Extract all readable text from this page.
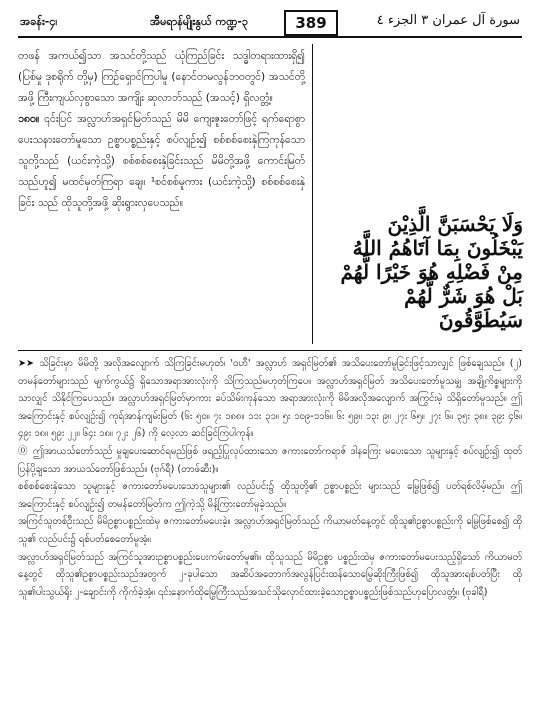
အခန်း-၄၊	အီမရာန်မျိုးနွယ် ကဏ္ဍ-၃	389	سورة آل عمران ٣ الجزء ٤

တဖန် အကယ်၍သာ အသင်တို့သည် ယုံကြည်ခြင်း သဒ္ဓါတရားထားရှိ၍ (ပြစ်မှု ဒုစရိုက် တို့မှ) ကြဉ်ရှောင်ကြပါမူ (နောင်တမလွန်ဘဝတွင်) အသင်တို့အဖို့ ကြီးကျယ်လှစွာသော အကျိုး ဆုလာဘ်သည် (အသင့်) ရှိလတ္တံ့။

၁၈၀။ ၎င်းပြင် အလ္လာဟ်အရှင်မြတ်သည် မိမိ ကျေးဇူးတော်ဖြင့် ရက်ရောစွာ ပေးသနားတော်မူသော ဥစ္စာပစ္စည်းနှင့် စပ်လျဉ်း၍ စစ်စစ်စေးနှဲကြကုန်သော သူတို့သည် (ယင်းကဲ့သို့) စစ်စစ်စေးနှဲခြင်းသည် မိမိတို့အဖို့ ကောင်းမြတ်သည်ဟူ၍ မထင်မှတ်ကြရာ ချေ။ ¹စင်စစ်မူကား (ယင်းကဲ့သို့) စစ်စစ်စေးနှဲခြင်း သည် ထိုသူတို့အဖို့ ဆိုးရွားလှပေသည်။

وَلَا يَحْسَبَنَّ الَّذِيْنَ

يَبْخَلُونَ بِمَا آتَاهُمُ اللَّهُ

مِنْ فَضْلِهِ هُوَ خَيْرًا لَّهُمْ

بَلْ هُوَ شَرٌّ لَّهُمْ سَيُطَوَّقُونَ

➤➤ သိခြင်းမှာ မိမိတို့ အလိုအလျောက် သိကြခြင်းမဟုတ်၊ 'ဝဟီ' အလ္လာဟ် အရှင်မြတ်၏ အသိပေးတော်မူခြင်းဖြင့်သာလျှင် ဖြစ်ချေသည်။ (၂) တမန်တော်များသည် မျက်ကွယ်၌ ရှိသောအရာအားလုံးကို သိကြသည်မဟုတ်ကြပေ။ အလ္လာဟ်အရှင်မြတ် အသိပေးတော်မူသမျှ အချို့ကိစ္စများကိုသာလျှင် သိနိုင်ကြပေသည်။ အလ္လာဟ်အရှင်မြတ်မှာကား ခပ်သိမ်းကုန်သော အရာအားလုံးကို မိမိအလိုအလျောက် အကြွင်းမဲ့ သိရှိတော်မူသည်။ ဤအကြောင်းနှင့် စပ်လျဉ်း၍ ကုရ်အာန်ကျမ်းမြတ် (၆း ၅၀။ ၇း ၁၈၈။ ၁၁း ၃၁။ ၅း ၁၀၉-၁၁၆။ ၆း ၅၉။ ၁၃း ၉။ ၂၇း ၆၅။ ၂၇း ၆။ ၃၅း ၃၈။ ၃၉း ၄၆။ ၄၉း ၁၈။ ၅၉း ၂၂။ ၆၄း ၁၈။ ၇၂း ၂၆) ကို လေ့လာ ဆင်ခြင်ကြပါကုန်။

⓪ ဤအာယသ်တော်သည် မှုချပေးဆောင်ရမည်ဖြစ် ဖရည့်ပြုလုပ်ထားသော ဇကားတော်ကရာဇ် ဒါနကြေး မပေးသော သူများနှင့် စပ်လျဉ်း၍ ထုတ်ပြန်ပို့ချသော အာယသ်တော်ဖြစ်သည်။ (ဗုဂ်ရီ) (တာဖ်ဆီး)။

စစ်စစ်စေးနှဲသော သူများနှင့် ဇကားတော်မပေးသောသူများ၏ လည်ပင်း၌ ထိုသူတို့၏ ဥစ္စာပစ္စည်း များသည် မြွေဖြစ်၍ ပတ်ရစ်လိမ့်မည်။ ဤအကြောင်းနှင့် စပ်လျဉ်း၍ တမန်တော်မြတ်က ဤကဲ့သို့ မိန့်ကြားတော်မူခဲ့သည်။

အကြင်သူတစ်ဦးသည် မိမိဥစ္စာပစ္စည်းထဲမှ ဇကားတော်မပေးခဲ့။ အလ္လာဟ်အရှင်မြတ်သည် ကိယာမတ်နေ့တွင် ထိုသူ၏ဥစ္စာပစ္စည်းကို မြွေဖြစ်စေ၍ ထိုသူ၏ လည်ပင်း၌ ရစ်ပတ်စေတော်မူအံ့။

အလ္လာဟ်အရှင်မြတ်သည် အကြင်သူအားဥစ္စာပစ္စည်းပေးကမ်းတော်မူ၏။ ထိုသူသည် မိမိဥစ္စာ ပစ္စည်းထဲမှ ဇကားတော်မပေးသည့်ရှိသော် ကိယာမတ်နေ့တွင် ထိုသူ၏ဥစ္စာပစ္စည်းသည်အတွက် ၂-ခုပါသော အဆိပ်အတောက်အလွန်ပြင်းထန်သောမြွေဆိုးကြီးဖြစ်၍ ထိုသူအားရစ်ပတ်ပြီး ထိုသူ၏ပါးသွယ်ရိုး ၂-ချောင်းကို ကိုက်ခဲ့အံ့။ ၎င်းနောက်ထိုမြွေကြီးသည်အသင်သိုလှောင်ထားခဲ့သောဥစ္စာပစ္စည်းဖြစ်သည်ဟုပြောလတ္တံ့။ (ဗုခါရီ)
